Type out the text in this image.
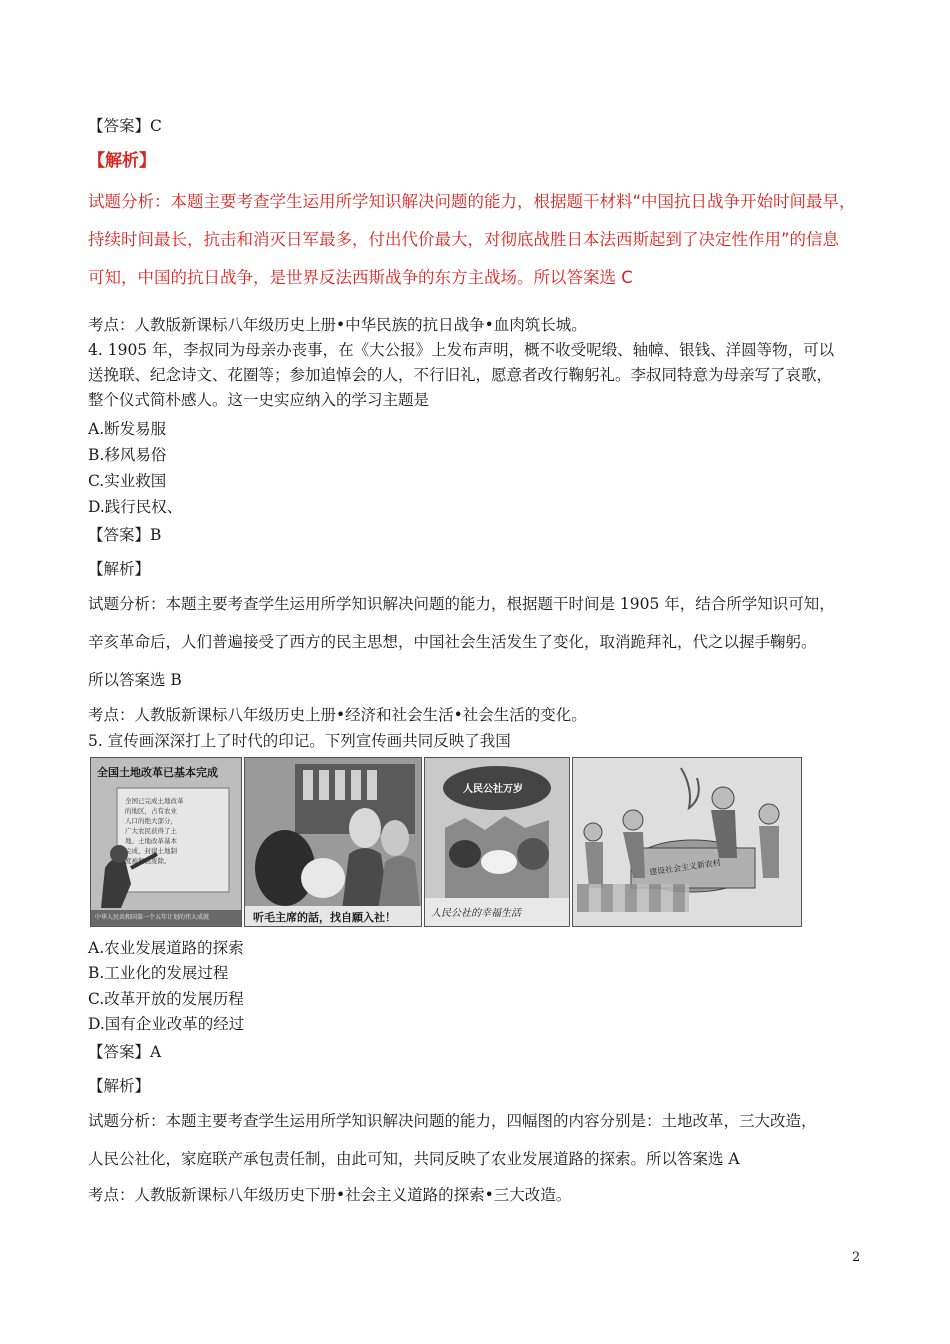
【答案】C
【解析】
试题分析：本题主要考查学生运用所学知识解决问题的能力，根据题干材料“中国抗日战争开始时间最早，
持续时间最长，抗击和消灭日军最多，付出代价最大，对彻底战胜日本法西斯起到了决定性作用”的信息
可知，中国的抗日战争，是世界反法西斯战争的东方主战场。所以答案选 C
考点：人教版新课标八年级历史上册•中华民族的抗日战争•血肉筑长城。
4. 1905 年，李叔同为母亲办丧事，在《大公报》上发布声明，概不收受呢缎、轴幛、银钱、洋圆等物，可以
送挽联、纪念诗文、花圈等；参加追悼会的人，不行旧礼，愿意者改行鞠躬礼。李叔同特意为母亲写了哀歌，
整个仪式简朴感人。这一史实应纳入的学习主题是
A.断发易服
B.移风易俗
C.实业救国
D.践行民权、
【答案】B
【解析】
试题分析：本题主要考查学生运用所学知识解决问题的能力，根据题干时间是 1905 年，结合所学知识可知，
辛亥革命后，人们普遍接受了西方的民主思想，中国社会生活发生了变化，取消跪拜礼，代之以握手鞠躬。
所以答案选 B
考点：人教版新课标八年级历史上册•经济和社会生活•社会生活的变化。
5. 宣传画深深打上了时代的印记。下列宣传画共同反映了我国
全国土地改革已基本完成
全国已完成土地改革
的地区，占有农业
人口的绝大部分，
广大农民获得了土
地。土地改革基本
完成，封建土地制
度被彻底废除。
中华人民共和国第一个五年计划的伟大成就	听毛主席的話，找自願入社！
人民公社万岁
人民公社的幸福生活
建设社会主义新农村
A.农业发展道路的探索
B.工业化的发展过程
C.改革开放的发展历程
D.国有企业改革的经过
【答案】A
【解析】
试题分析：本题主要考查学生运用所学知识解决问题的能力，四幅图的内容分别是：土地改革，三大改造，
人民公社化，家庭联产承包责任制，由此可知，共同反映了农业发展道路的探索。所以答案选 A
考点：人教版新课标八年级历史下册•社会主义道路的探索•三大改造。
2
